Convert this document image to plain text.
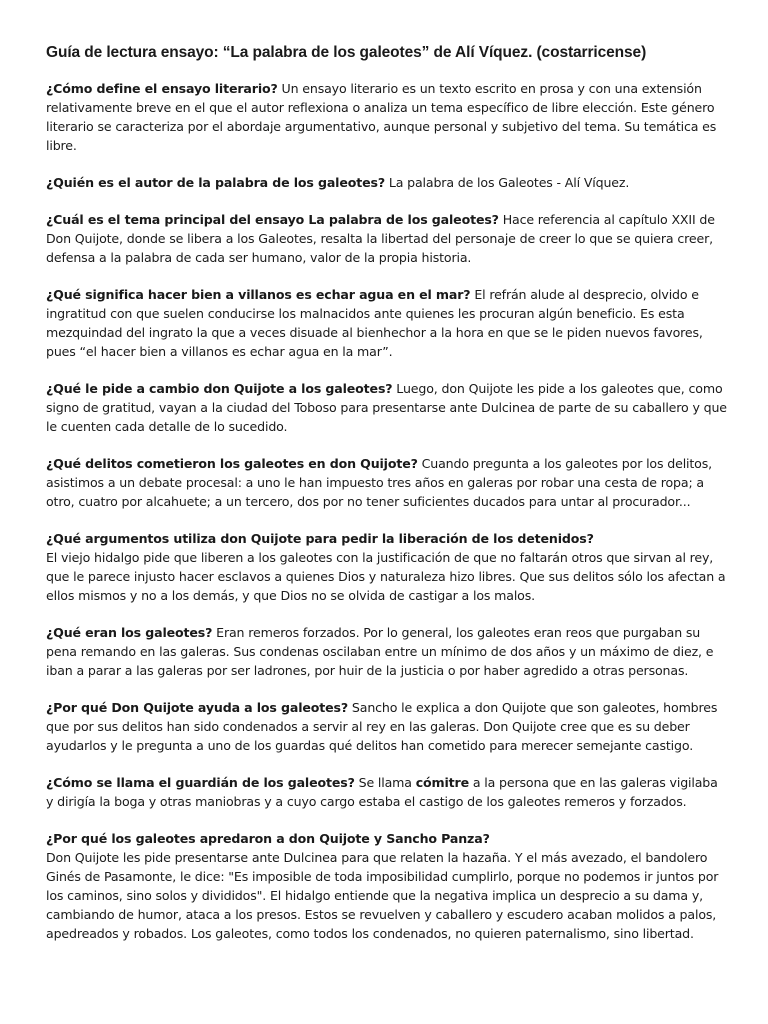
Guía de lectura ensayo: “La palabra de los galeotes” de Alí Víquez. (costarricense)

¿Cómo define el ensayo literario? Un ensayo literario es un texto escrito en prosa y con una extensión relativamente breve en el que el autor reflexiona o analiza un tema específico de libre elección. Este género literario se caracteriza por el abordaje argumentativo, aunque personal y subjetivo del tema. Su temática es libre.

¿Quién es el autor de la palabra de los galeotes? La palabra de los Galeotes - Alí Víquez.

¿Cuál es el tema principal del ensayo La palabra de los galeotes? Hace referencia al capítulo XXII de Don Quijote, donde se libera a los Galeotes, resalta la libertad del personaje de creer lo que se quiera creer, defensa a la palabra de cada ser humano, valor de la propia historia.

¿Qué significa hacer bien a villanos es echar agua en el mar? El refrán alude al desprecio, olvido e ingratitud con que suelen conducirse los malnacidos ante quienes les procuran algún beneficio. Es esta mezquindad del ingrato la que a veces disuade al bienhechor a la hora en que se le piden nuevos favores, pues “el hacer bien a villanos es echar agua en la mar”.

¿Qué le pide a cambio don Quijote a los galeotes? Luego, don Quijote les pide a los galeotes que, como signo de gratitud, vayan a la ciudad del Toboso para presentarse ante Dulcinea de parte de su caballero y que le cuenten cada detalle de lo sucedido.

¿Qué delitos cometieron los galeotes en don Quijote? Cuando pregunta a los galeotes por los delitos, asistimos a un debate procesal: a uno le han impuesto tres años en galeras por robar una cesta de ropa; a otro, cuatro por alcahuete; a un tercero, dos por no tener suficientes ducados para untar al procurador...

¿Qué argumentos utiliza don Quijote para pedir la liberación de los detenidos?
El viejo hidalgo pide que liberen a los galeotes con la justificación de que no faltarán otros que sirvan al rey, que le parece injusto hacer esclavos a quienes Dios y naturaleza hizo libres. Que sus delitos sólo los afectan a ellos mismos y no a los demás, y que Dios no se olvida de castigar a los malos.

¿Qué eran los galeotes? Eran remeros forzados. Por lo general, los galeotes eran reos que purgaban su pena remando en las galeras. Sus condenas oscilaban entre un mínimo de dos años y un máximo de diez, e iban a parar a las galeras por ser ladrones, por huir de la justicia o por haber agredido a otras personas.

¿Por qué Don Quijote ayuda a los galeotes? Sancho le explica a don Quijote que son galeotes, hombres que por sus delitos han sido condenados a servir al rey en las galeras. Don Quijote cree que es su deber ayudarlos y le pregunta a uno de los guardas qué delitos han cometido para merecer semejante castigo.

¿Cómo se llama el guardián de los galeotes? Se llama cómitre a la persona que en las galeras vigilaba y dirigía la boga y otras maniobras y a cuyo cargo estaba el castigo de los galeotes remeros y forzados.

¿Por qué los galeotes apredaron a don Quijote y Sancho Panza?
Don Quijote les pide presentarse ante Dulcinea para que relaten la hazaña. Y el más avezado, el bandolero Ginés de Pasamonte, le dice: "Es imposible de toda imposibilidad cumplirlo, porque no podemos ir juntos por los caminos, sino solos y divididos". El hidalgo entiende que la negativa implica un desprecio a su dama y, cambiando de humor, ataca a los presos. Estos se revuelven y caballero y escudero acaban molidos a palos, apedreados y robados. Los galeotes, como todos los condenados, no quieren paternalismo, sino libertad.
